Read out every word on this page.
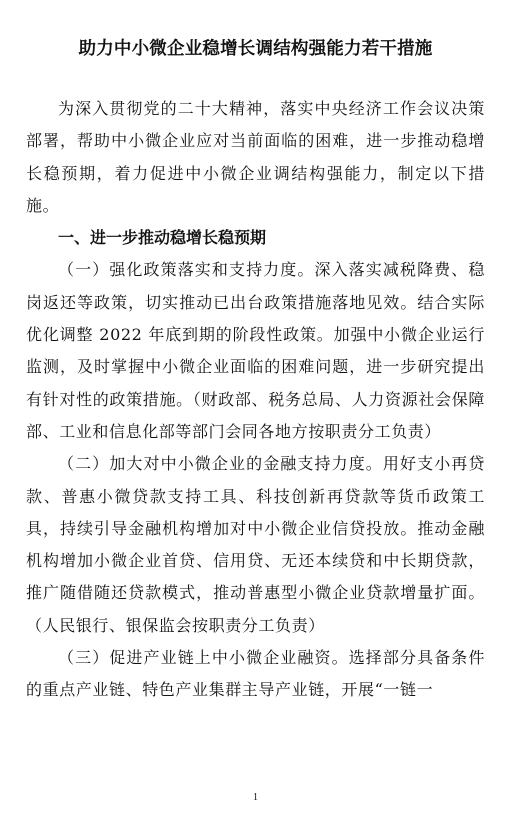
助力中小微企业稳增长调结构强能力若干措施

为深入贯彻党的二十大精神，落实中央经济工作会议决策部署，帮助中小微企业应对当前面临的困难，进一步推动稳增长稳预期，着力促进中小微企业调结构强能力，制定以下措施。

一、进一步推动稳增长稳预期

（一）强化政策落实和支持力度。深入落实减税降费、稳岗返还等政策，切实推动已出台政策措施落地见效。结合实际优化调整 2022 年底到期的阶段性政策。加强中小微企业运行监测，及时掌握中小微企业面临的困难问题，进一步研究提出有针对性的政策措施。（财政部、税务总局、人力资源社会保障部、工业和信息化部等部门会同各地方按职责分工负责）

（二）加大对中小微企业的金融支持力度。用好支小再贷款、普惠小微贷款支持工具、科技创新再贷款等货币政策工具，持续引导金融机构增加对中小微企业信贷投放。推动金融机构增加小微企业首贷、信用贷、无还本续贷和中长期贷款，推广随借随还贷款模式，推动普惠型小微企业贷款增量扩面。（人民银行、银保监会按职责分工负责）

（三）促进产业链上中小微企业融资。选择部分具备条件的重点产业链、特色产业集群主导产业链，开展“一链一

1
